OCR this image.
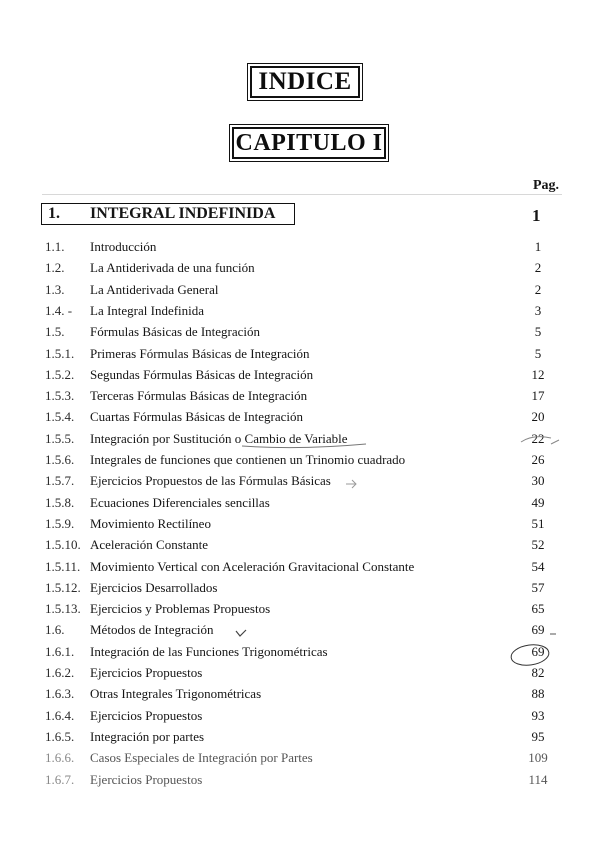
INDICE
CAPITULO I
Pag.
1. INTEGRAL INDEFINIDA	1
1.1. Introducción	1
1.2. La Antiderivada de una función	2
1.3. La Antiderivada General	2
1.4. - La Integral Indefinida	3
1.5. Fórmulas Básicas de Integración	5
1.5.1. Primeras Fórmulas Básicas de Integración	5
1.5.2. Segundas Fórmulas Básicas de Integración	12
1.5.3. Terceras Fórmulas Básicas de Integración	17
1.5.4. Cuartas Fórmulas Básicas de Integración	20
1.5.5. Integración por Sustitución o Cambio de Variable	22
1.5.6. Integrales de funciones que contienen un Trinomio cuadrado	26
1.5.7. Ejercicios Propuestos de las Fórmulas Básicas	30
1.5.8. Ecuaciones Diferenciales sencillas	49
1.5.9. Movimiento Rectilíneo	51
1.5.10. Aceleración Constante	52
1.5.11. Movimiento Vertical con Aceleración Gravitacional Constante	54
1.5.12. Ejercicios Desarrollados	57
1.5.13. Ejercicios y Problemas Propuestos	65
1.6. Métodos de Integración	69
1.6.1. Integración de las Funciones Trigonométricas	69
1.6.2. Ejercicios Propuestos	82
1.6.3. Otras Integrales Trigonométricas	88
1.6.4. Ejercicios Propuestos	93
1.6.5. Integración por partes	95
1.6.6. Casos Especiales de Integración por Partes	109
1.6.7. Ejercicios Propuestos	114
